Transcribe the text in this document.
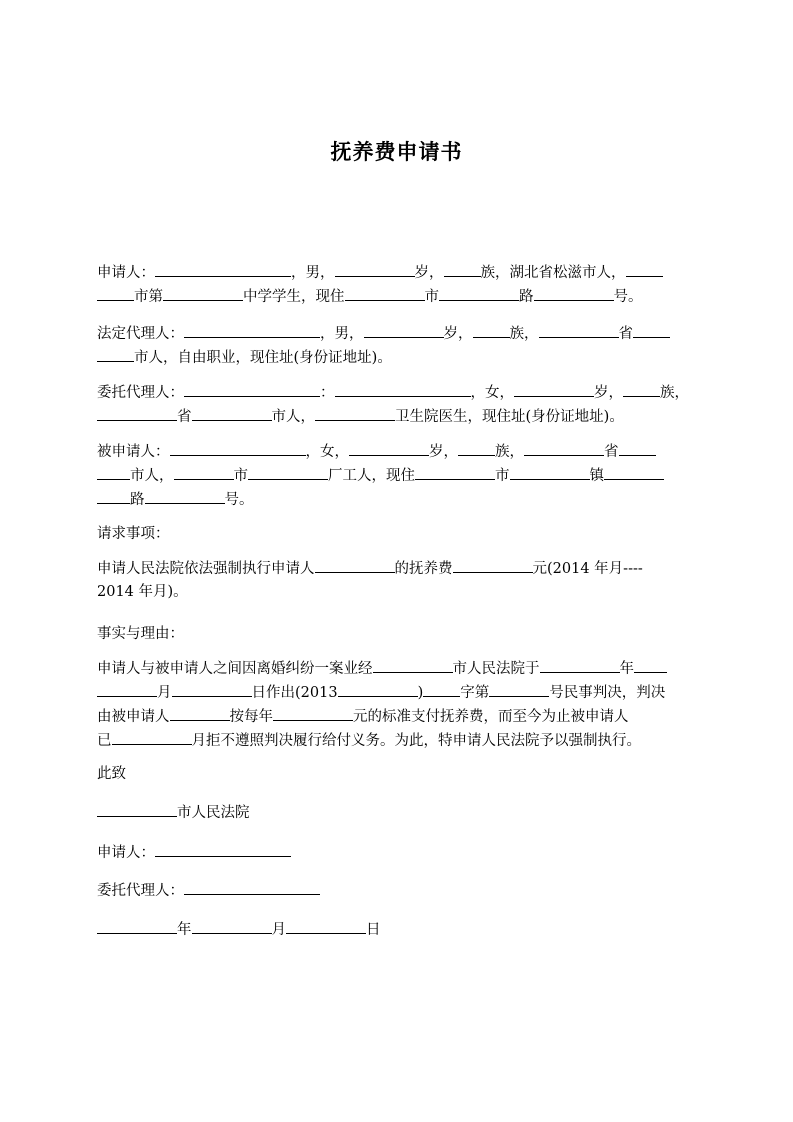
抚养费申请书
申请人：	，男，	岁，	族，湖北省松滋市人，
市第	中学学生，现住	市	路	号。
法定代理人：	，男，	岁，	族，	省
市人，自由职业，现住址(身份证地址)。
委托代理人：	：	，女，	岁，	族，
省	市人，	卫生院医生，现住址(身份证地址)。
被申请人：	，女，	岁，	族，	省
市人，	市	厂工人，现住	市	镇
路	号。
请求事项：
申请人民法院依法强制执行申请人	的抚养费	元(2014 年月----
2014 年月)。
事实与理由：
申请人与被申请人之间因离婚纠纷一案业经	市人民法院于	年
月	日作出(2013	)	字第	号民事判决，判决
由被申请人	按每年	元的标准支付抚养费，而至今为止被申请人
已	月拒不遵照判决履行给付义务。为此，特申请人民法院予以强制执行。
此致
市人民法院
申请人：
委托代理人：
年	月	日
